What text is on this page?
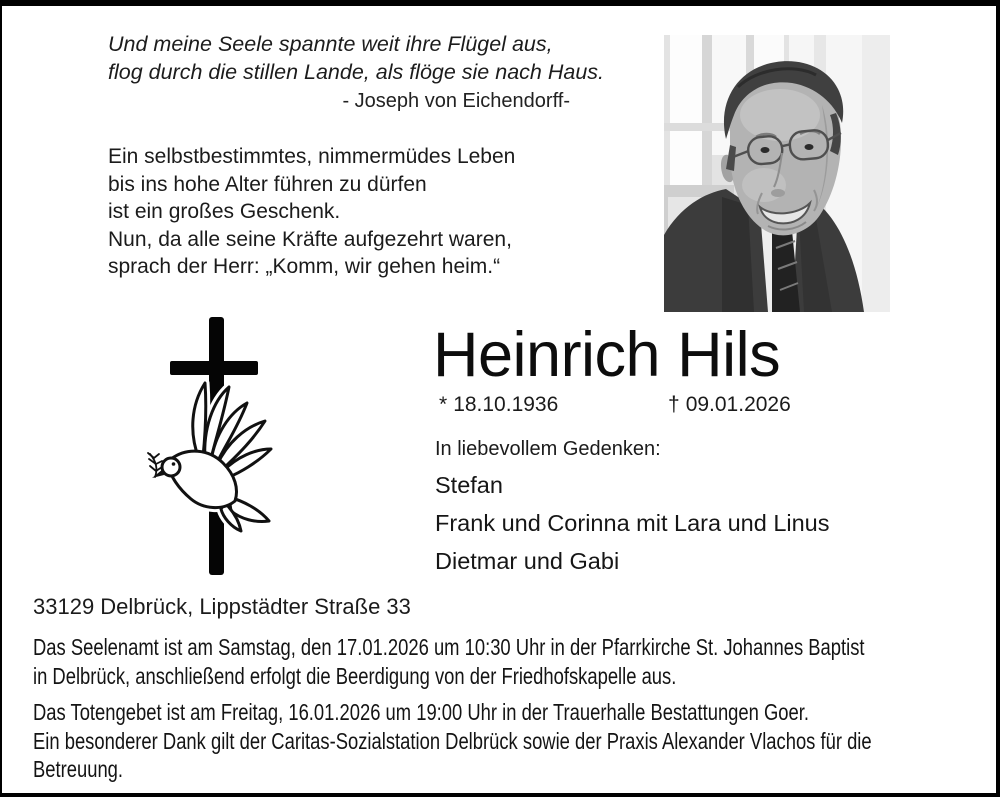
Und meine Seele spannte weit ihre Flügel aus,
flog durch die stillen Lande, als flöge sie nach Haus.
- Joseph von Eichendorff-
Ein selbstbestimmtes, nimmermüdes Leben
bis ins hohe Alter führen zu dürfen
ist ein großes Geschenk.
Nun, da alle seine Kräfte aufgezehrt waren,
sprach der Herr: „Komm, wir gehen heim.“
Heinrich Hils
* 18.10.1936	† 09.01.2026
In liebevollem Gedenken:
Stefan
Frank und Corinna mit Lara und Linus
Dietmar und Gabi
33129 Delbrück, Lippstädter Straße 33
Das Seelenamt ist am Samstag, den 17.01.2026 um 10:30 Uhr in der Pfarrkirche St. Johannes Baptist
in Delbrück, anschließend erfolgt die Beerdigung von der Friedhofskapelle aus.
Das Totengebet ist am Freitag, 16.01.2026 um 19:00 Uhr in der Trauerhalle Bestattungen Goer.
Ein besonderer Dank gilt der Caritas-Sozialstation Delbrück sowie der Praxis Alexander Vlachos für die
Betreuung.
